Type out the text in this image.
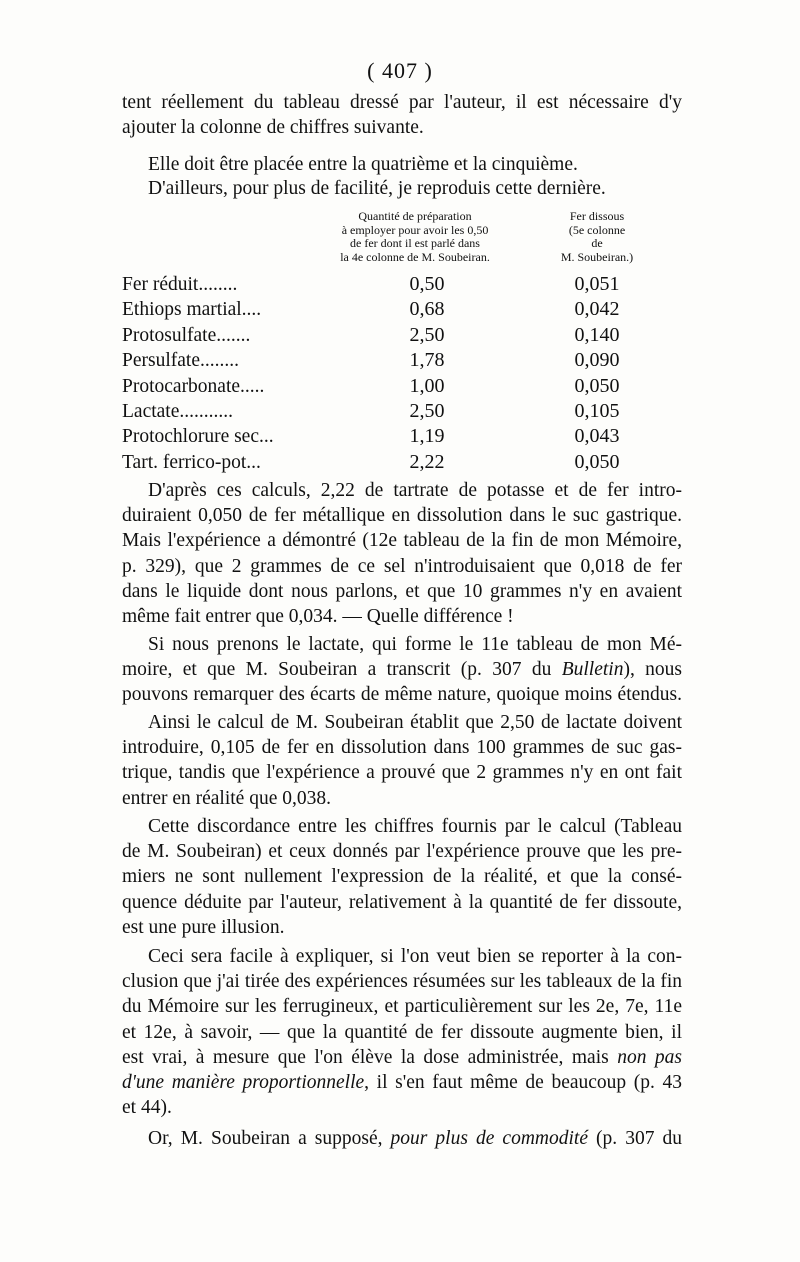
( 407 )
tent réellement du tableau dressé par l'auteur, il est nécessaire d'y
ajouter la colonne de chiffres suivante.
Elle doit être placée entre la quatrième et la cinquième.
D'ailleurs, pour plus de facilité, je reproduis cette dernière.
Quantité de préparation
à employer pour avoir les 0,50
de fer dont il est parlé dans
la 4e colonne de M. Soubeiran.
Fer dissous
(5e colonne
de
M. Soubeiran.)
Fer réduit........	0,50	0,051
Ethiops martial....	0,68	0,042
Protosulfate.......	2,50	0,140
Persulfate........	1,78	0,090
Protocarbonate.....	1,00	0,050
Lactate...........	2,50	0,105
Protochlorure sec...	1,19	0,043
Tart. ferrico-pot...	2,22	0,050
D'après ces calculs, 2,22 de tartrate de potasse et de fer intro-
duiraient 0,050 de fer métallique en dissolution dans le suc gastrique.
Mais l'expérience a démontré (12e tableau de la fin de mon Mémoire,
p. 329), que 2 grammes de ce sel n'introduisaient que 0,018 de fer
dans le liquide dont nous parlons, et que 10 grammes n'y en avaient
même fait entrer que 0,034. — Quelle différence !
Si nous prenons le lactate, qui forme le 11e tableau de mon Mé-
moire, et que M. Soubeiran a transcrit (p. 307 du Bulletin), nous
pouvons remarquer des écarts de même nature, quoique moins étendus.
Ainsi le calcul de M. Soubeiran établit que 2,50 de lactate doivent
introduire, 0,105 de fer en dissolution dans 100 grammes de suc gas-
trique, tandis que l'expérience a prouvé que 2 grammes n'y en ont fait
entrer en réalité que 0,038.
Cette discordance entre les chiffres fournis par le calcul (Tableau
de M. Soubeiran) et ceux donnés par l'expérience prouve que les pre-
miers ne sont nullement l'expression de la réalité, et que la consé-
quence déduite par l'auteur, relativement à la quantité de fer dissoute,
est une pure illusion.
Ceci sera facile à expliquer, si l'on veut bien se reporter à la con-
clusion que j'ai tirée des expériences résumées sur les tableaux de la fin
du Mémoire sur les ferrugineux, et particulièrement sur les 2e, 7e, 11e
et 12e, à savoir, — que la quantité de fer dissoute augmente bien, il
est vrai, à mesure que l'on élève la dose administrée, mais non pas
d'une manière proportionnelle, il s'en faut même de beaucoup (p. 43
et 44).
Or, M. Soubeiran a supposé, pour plus de commodité (p. 307 du
